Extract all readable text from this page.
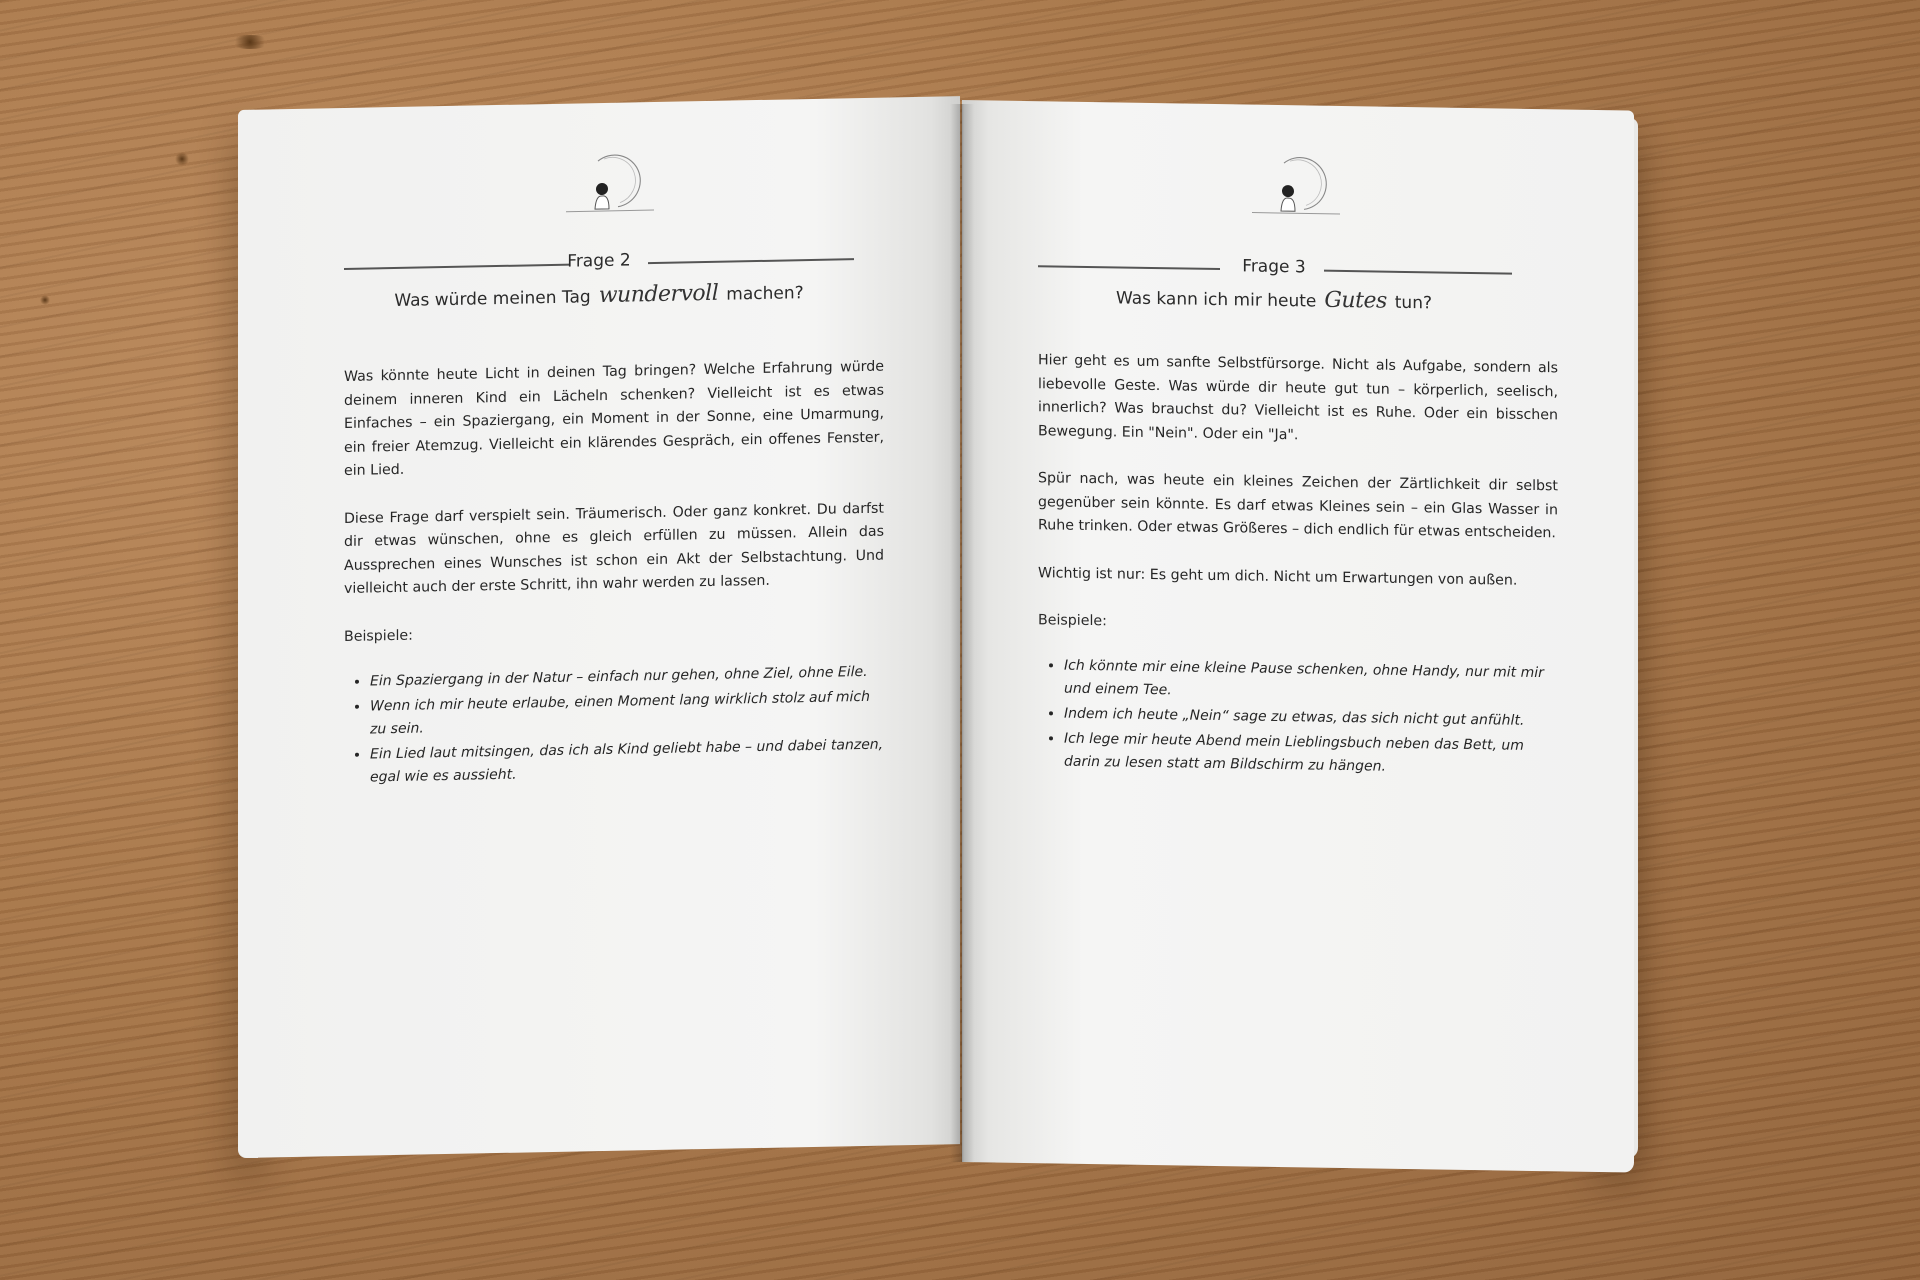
Frage 2
Was würde meinen Tag wundervoll machen?

Was könnte heute Licht in deinen Tag bringen? Welche Erfahrung würde deinem inneren Kind ein Lächeln schenken? Vielleicht ist es etwas Einfaches – ein Spaziergang, ein Moment in der Sonne, eine Umarmung, ein freier Atemzug. Vielleicht ein klärendes Gespräch, ein offenes Fenster, ein Lied.

Diese Frage darf verspielt sein. Träumerisch. Oder ganz konkret. Du darfst dir etwas wünschen, ohne es gleich erfüllen zu müssen. Allein das Aussprechen eines Wunsches ist schon ein Akt der Selbstachtung. Und vielleicht auch der erste Schritt, ihn wahr werden zu lassen.

Beispiele:

• Ein Spaziergang in der Natur – einfach nur gehen, ohne Ziel, ohne Eile.
• Wenn ich mir heute erlaube, einen Moment lang wirklich stolz auf mich zu sein.
• Ein Lied laut mitsingen, das ich als Kind geliebt habe – und dabei tanzen, egal wie es aussieht.
Frage 3
Was kann ich mir heute Gutes tun?

Hier geht es um sanfte Selbstfürsorge. Nicht als Aufgabe, sondern als liebevolle Geste. Was würde dir heute gut tun – körperlich, seelisch, innerlich? Was brauchst du? Vielleicht ist es Ruhe. Oder ein bisschen Bewegung. Ein "Nein". Oder ein "Ja".

Spür nach, was heute ein kleines Zeichen der Zärtlichkeit dir selbst gegenüber sein könnte. Es darf etwas Kleines sein – ein Glas Wasser in Ruhe trinken. Oder etwas Größeres – dich endlich für etwas entscheiden.

Wichtig ist nur: Es geht um dich. Nicht um Erwartungen von außen.

Beispiele:

• Ich könnte mir eine kleine Pause schenken, ohne Handy, nur mit mir und einem Tee.
• Indem ich heute „Nein“ sage zu etwas, das sich nicht gut anfühlt.
• Ich lege mir heute Abend mein Lieblingsbuch neben das Bett, um darin zu lesen statt am Bildschirm zu hängen.
